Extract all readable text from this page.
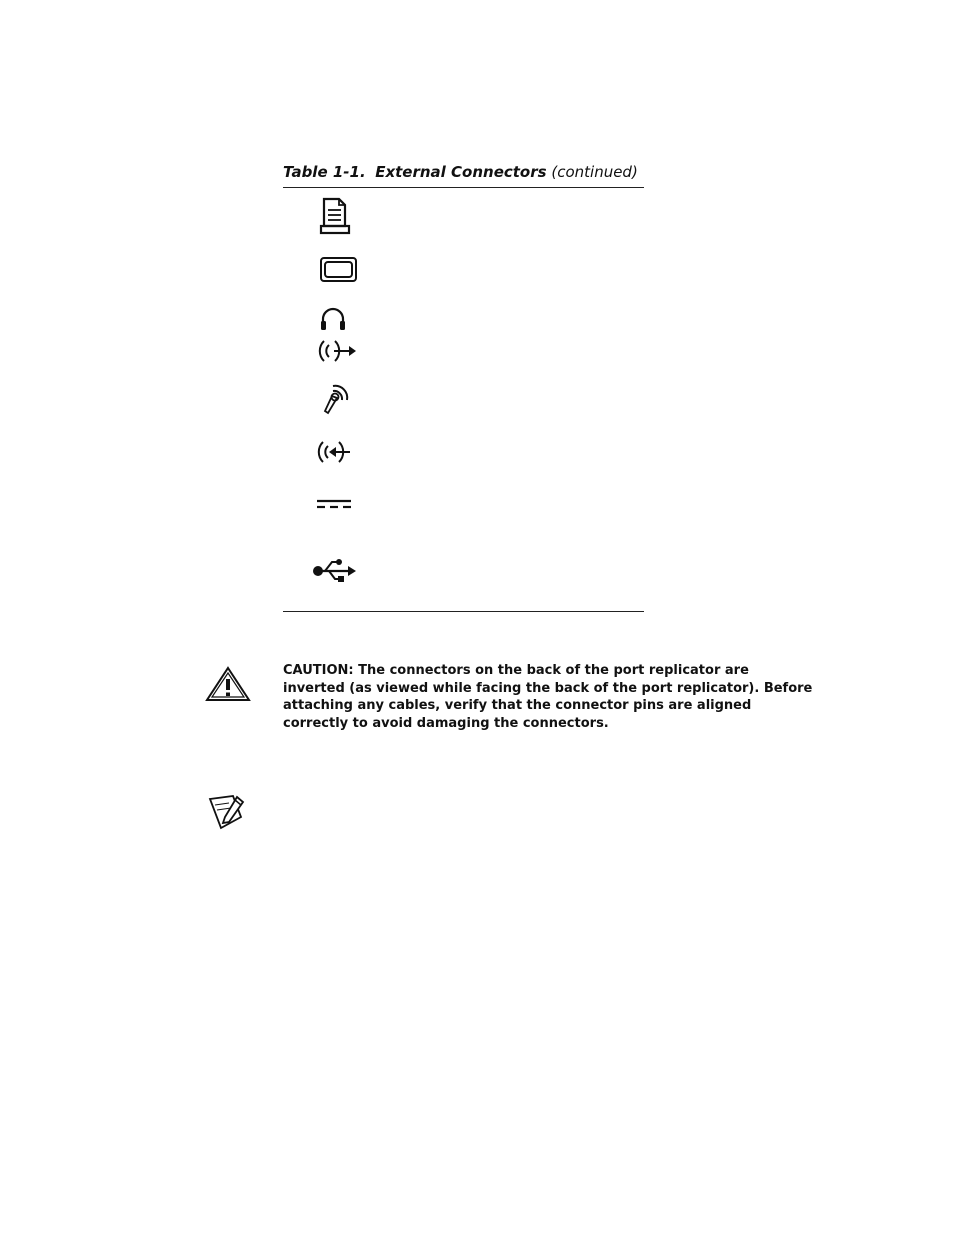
Table 1-1. External Connectors (continued)
CAUTION: The connectors on the back of the port replicator are inverted (as viewed while facing the back of the port replicator). Before attaching any cables, verify that the connector pins are aligned correctly to avoid damaging the connectors.
